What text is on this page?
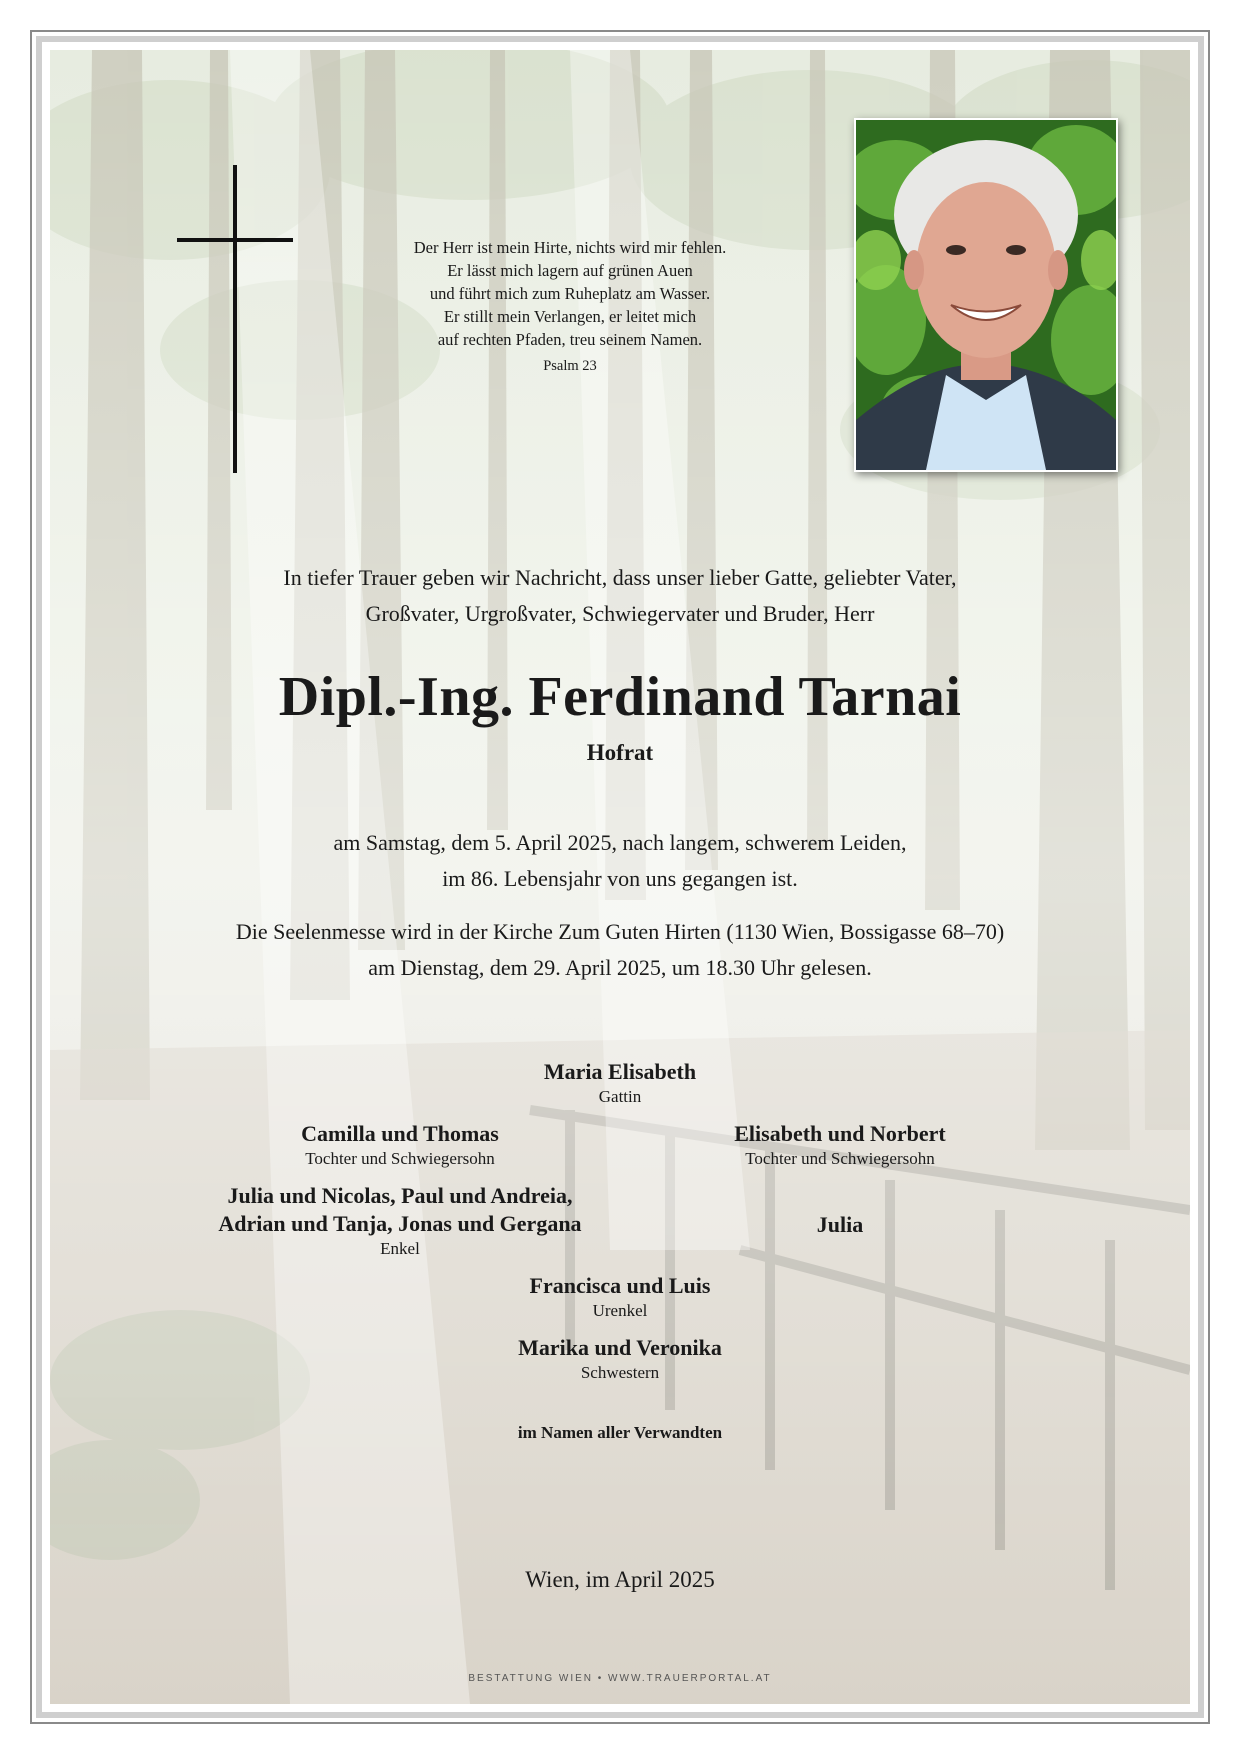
Der Herr ist mein Hirte, nichts wird mir fehlen.
Er lässt mich lagern auf grünen Auen
und führt mich zum Ruheplatz am Wasser.
Er stillt mein Verlangen, er leitet mich
auf rechten Pfaden, treu seinem Namen.
Psalm 23
In tiefer Trauer geben wir Nachricht, dass unser lieber Gatte, geliebter Vater,
Großvater, Urgroßvater, Schwiegervater und Bruder, Herr
Dipl.-Ing. Ferdinand Tarnai
Hofrat
am Samstag, dem 5. April 2025, nach langem, schwerem Leiden,
im 86. Lebensjahr von uns gegangen ist.
Die Seelenmesse wird in der Kirche Zum Guten Hirten (1130 Wien, Bossigasse 68–70)
am Dienstag, dem 29. April 2025, um 18.30 Uhr gelesen.
Maria Elisabeth
Gattin
Camilla und Thomas
Tochter und Schwiegersohn
Elisabeth und Norbert
Tochter und Schwiegersohn
Julia und Nicolas, Paul und Andreia,
Adrian und Tanja, Jonas und Gergana
Enkel
Julia
Francisca und Luis
Urenkel
Marika und Veronika
Schwestern
im Namen aller Verwandten
Wien, im April 2025
BESTATTUNG WIEN • WWW.TRAUERPORTAL.AT
